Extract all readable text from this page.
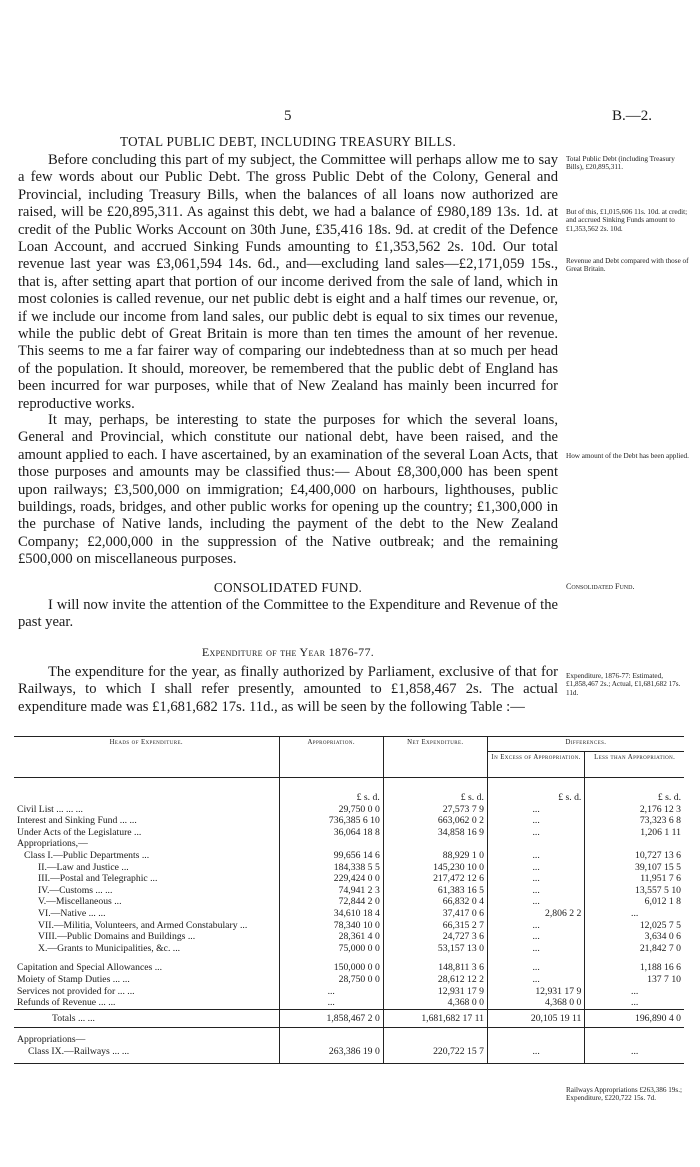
5	B.—2.
TOTAL PUBLIC DEBT, INCLUDING TREASURY BILLS.

Before concluding this part of my subject, the Committee will perhaps allow me to say a few words about our Public Debt. The gross Public Debt of the Colony, General and Provincial, including Treasury Bills, when the balances of all loans now authorized are raised, will be £20,895,311. As against this debt, we had a balance of £980,189 13s. 1d. at credit of the Public Works Account on 30th June, £35,416 18s. 9d. at credit of the Defence Loan Account, and accrued Sinking Funds amounting to £1,353,562 2s. 10d. Our total revenue last year was £3,061,594 14s. 6d., and—excluding land sales—£2,171,059 15s., that is, after setting apart that portion of our income derived from the sale of land, which in most colonies is called revenue, our net public debt is eight and a half times our revenue, or, if we include our income from land sales, our public debt is equal to six times our revenue, while the public debt of Great Britain is more than ten times the amount of her revenue. This seems to me a far fairer way of comparing our indebtedness than at so much per head of the population. It should, moreover, be remembered that the public debt of England has been incurred for war purposes, while that of New Zealand has mainly been incurred for reproductive works.

It may, perhaps, be interesting to state the purposes for which the several loans, General and Provincial, which constitute our national debt, have been raised, and the amount applied to each. I have ascertained, by an examination of the several Loan Acts, that those purposes and amounts may be classified thus:— About £8,300,000 has been spent upon railways; £3,500,000 on immigration; £4,400,000 on harbours, lighthouses, public buildings, roads, bridges, and other public works for opening up the country; £1,300,000 in the purchase of Native lands, including the payment of the debt to the New Zealand Company; £2,000,000 in the suppression of the Native outbreak; and the remaining £500,000 on miscellaneous purposes.

Total Public Debt (including Treasury Bills), £20,895,311.
But of this, £1,015,606 11s. 10d. at credit; and accrued Sinking Funds amount to £1,353,562 2s. 10d.
Revenue and Debt compared with those of Great Britain.
How amount of the Debt has been applied.
Consolidated Fund.
Expenditure, 1876-77: Estimated, £1,858,467 2s.; Actual, £1,681,682 17s. 11d.
Railways Appropriations £263,386 19s.; Expenditure, £220,722 15s. 7d.
CONSOLIDATED FUND.

I will now invite the attention of the Committee to the Expenditure and Revenue of the past year.

Expenditure of the Year 1876-77.

The expenditure for the year, as finally authorized by Parliament, exclusive of that for Railways, to which I shall refer presently, amounted to £1,858,467 2s. The actual expenditure made was £1,681,682 17s. 11d., as will be seen by the following Table :—

Heads of Expenditure.	Appropriation.	Net Expenditure.	Differences.	
			In Excess of Appropriation.	Less than Appropriation.
	£ s. d.	£ s. d.	£ s. d.	£ s. d.
Civil List ... ... ...	29,750 0 0	27,573 7 9	...	2,176 12 3
Interest and Sinking Fund ... ...	736,385 6 10	663,062 0 2	...	73,323 6 8
Under Acts of the Legislature ...	36,064 18 8	34,858 16 9	...	1,206 1 11
Appropriations,—				
Class I.—Public Departments ...	99,656 14 6	88,929 1 0	...	10,727 13 6
II.—Law and Justice ...	184,338 5 5	145,230 10 0	...	39,107 15 5
III.—Postal and Telegraphic ...	229,424 0 0	217,472 12 6	...	11,951 7 6
IV.—Customs ... ...	74,941 2 3	61,383 16 5	...	13,557 5 10
V.—Miscellaneous ...	72,844 2 0	66,832 0 4	...	6,012 1 8
VI.—Native ... ...	34,610 18 4	37,417 0 6	2,806 2 2	...
VII.—Militia, Volunteers, and Armed Constabulary ...	78,340 10 0	66,315 2 7	...	12,025 7 5
VIII.—Public Domains and Buildings ...	28,361 4 0	24,727 3 6	...	3,634 0 6
X.—Grants to Municipalities, &c. ...	75,000 0 0	53,157 13 0	...	21,842 7 0
Capitation and Special Allowances ...	150,000 0 0	148,811 3 6	...	1,188 16 6
Moiety of Stamp Duties ... ...	28,750 0 0	28,612 12 2	...	137 7 10
Services not provided for ... ...	...	12,931 17 9	12,931 17 9	...
Refunds of Revenue ... ...	...	4,368 0 0	4,368 0 0	...
Totals ... ...	1,858,467 2 0	1,681,682 17 11	20,105 19 11	196,890 4 0
Appropriations—				
Class IX.—Railways ... ...	263,386 19 0	220,722 15 7	...	...
